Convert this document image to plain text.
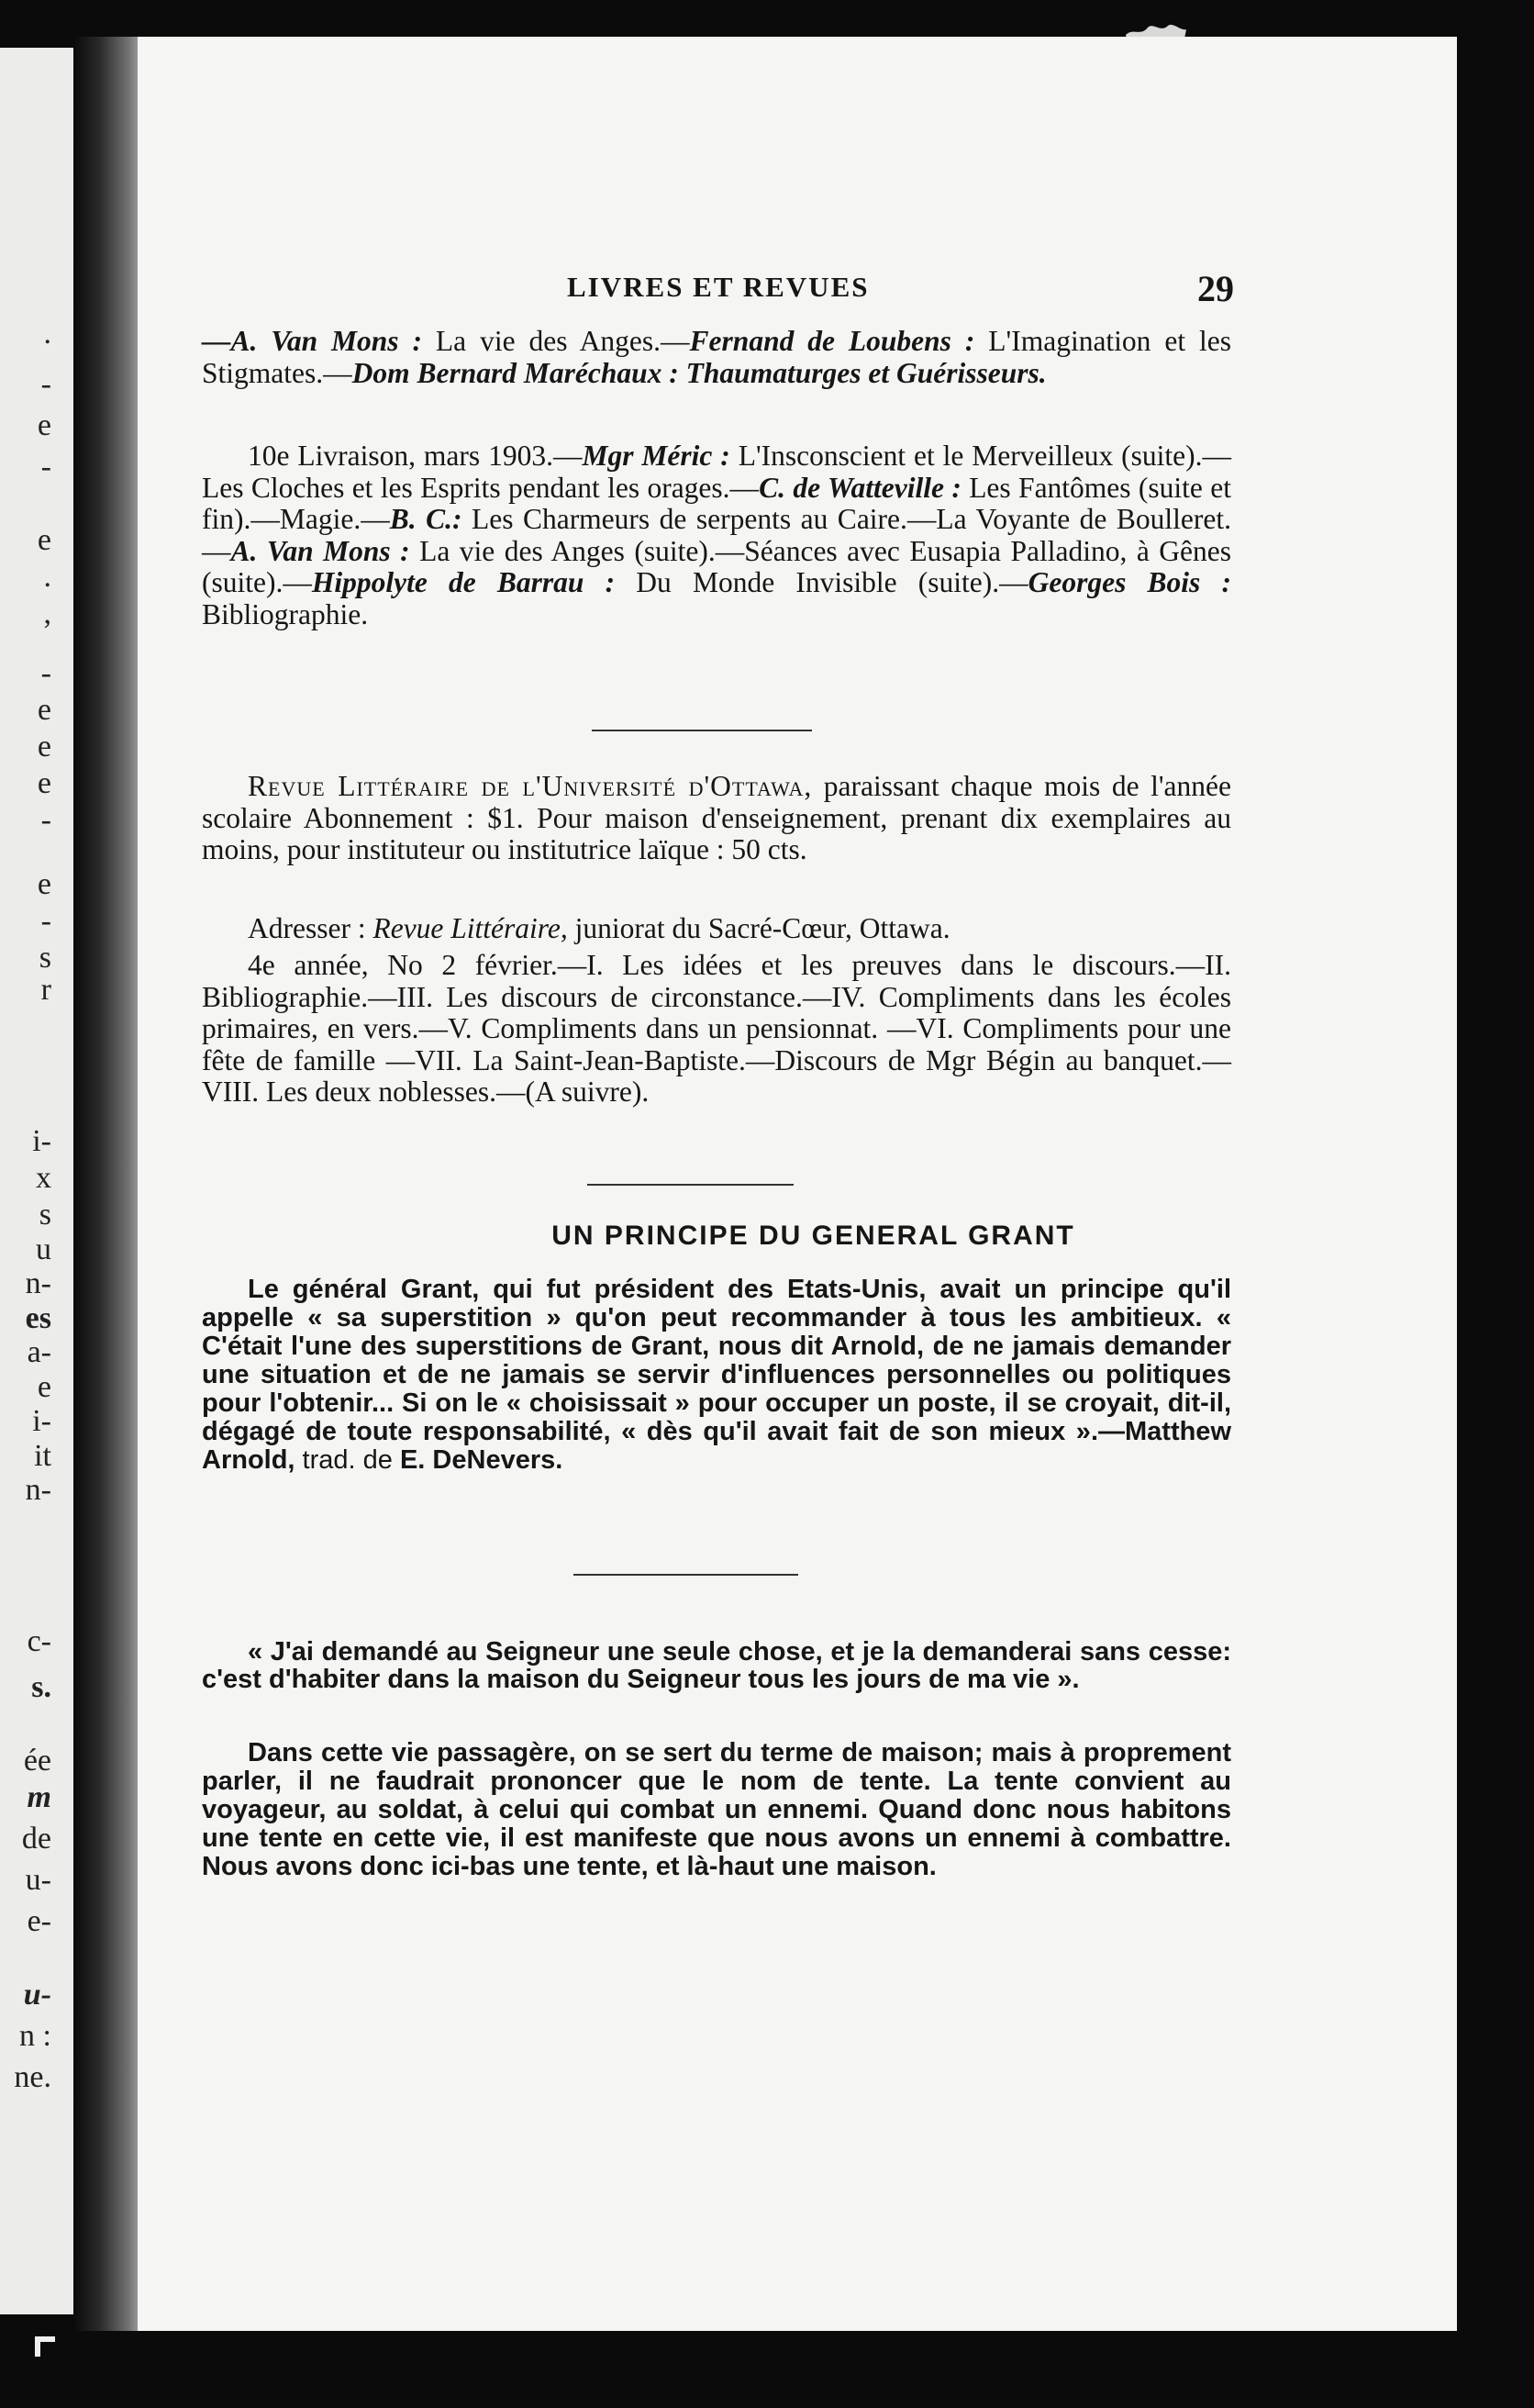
.
-
e
-
e
.
,
-
e
e
e
-
e
-
s
r
i-
x
s
u
n-
es
a-
e
i-
it
n-
c-
s.
ée
m
de
u-
e-
u-
n :
ne.
LIVRES ET REVUES	29

—A. Van Mons : La vie des Anges.—Fernand de Loubens : L'Imagination et les Stigmates.—Dom Bernard Maréchaux : Thaumaturges et Guérisseurs.

10e Livraison, mars 1903.—Mgr Méric : L'Insconscient et le Merveilleux (suite).—Les Cloches et les Esprits pendant les orages.—C. de Watteville : Les Fantômes (suite et fin).—Magie.—B. C.: Les Charmeurs de serpents au Caire.—La Voyante de Boulleret.—A. Van Mons : La vie des Anges (suite).—Séances avec Eusapia Palladino, à Gênes (suite).—Hippolyte de Barrau : Du Monde Invisible (suite).—Georges Bois : Bibliographie.

Revue Littéraire de l'Université d'Ottawa, paraissant chaque mois de l'année scolaire Abonnement : $1. Pour maison d'enseignement, prenant dix exemplaires au moins, pour instituteur ou institutrice laïque : 50 cts.

Adresser : Revue Littéraire, juniorat du Sacré-Cœur, Ottawa.

4e année, No 2 février.—I. Les idées et les preuves dans le discours.—II. Bibliographie.—III. Les discours de circonstance.—IV. Compliments dans les écoles primaires, en vers.—V. Compliments dans un pensionnat. —VI. Compliments pour une fête de famille —VII. La Saint-Jean-Baptiste.—Discours de Mgr Bégin au banquet.—VIII. Les deux noblesses.—(A suivre).

UN PRINCIPE DU GENERAL GRANT

Le général Grant, qui fut président des Etats-Unis, avait un principe qu'il appelle « sa superstition » qu'on peut recommander à tous les ambitieux. « C'était l'une des superstitions de Grant, nous dit Arnold, de ne jamais demander une situation et de ne jamais se servir d'influences personnelles ou politiques pour l'obtenir... Si on le « choisissait » pour occuper un poste, il se croyait, dit-il, dégagé de toute responsabilité, « dès qu'il avait fait de son mieux ».—Matthew Arnold, trad. de E. DeNevers.

« J'ai demandé au Seigneur une seule chose, et je la demanderai sans cesse: c'est d'habiter dans la maison du Seigneur tous les jours de ma vie ».

Dans cette vie passagère, on se sert du terme de maison; mais à proprement parler, il ne faudrait prononcer que le nom de tente. La tente convient au voyageur, au soldat, à celui qui combat un ennemi. Quand donc nous habitons une tente en cette vie, il est manifeste que nous avons un ennemi à combattre. Nous avons donc ici-bas une tente, et là-haut une maison.
